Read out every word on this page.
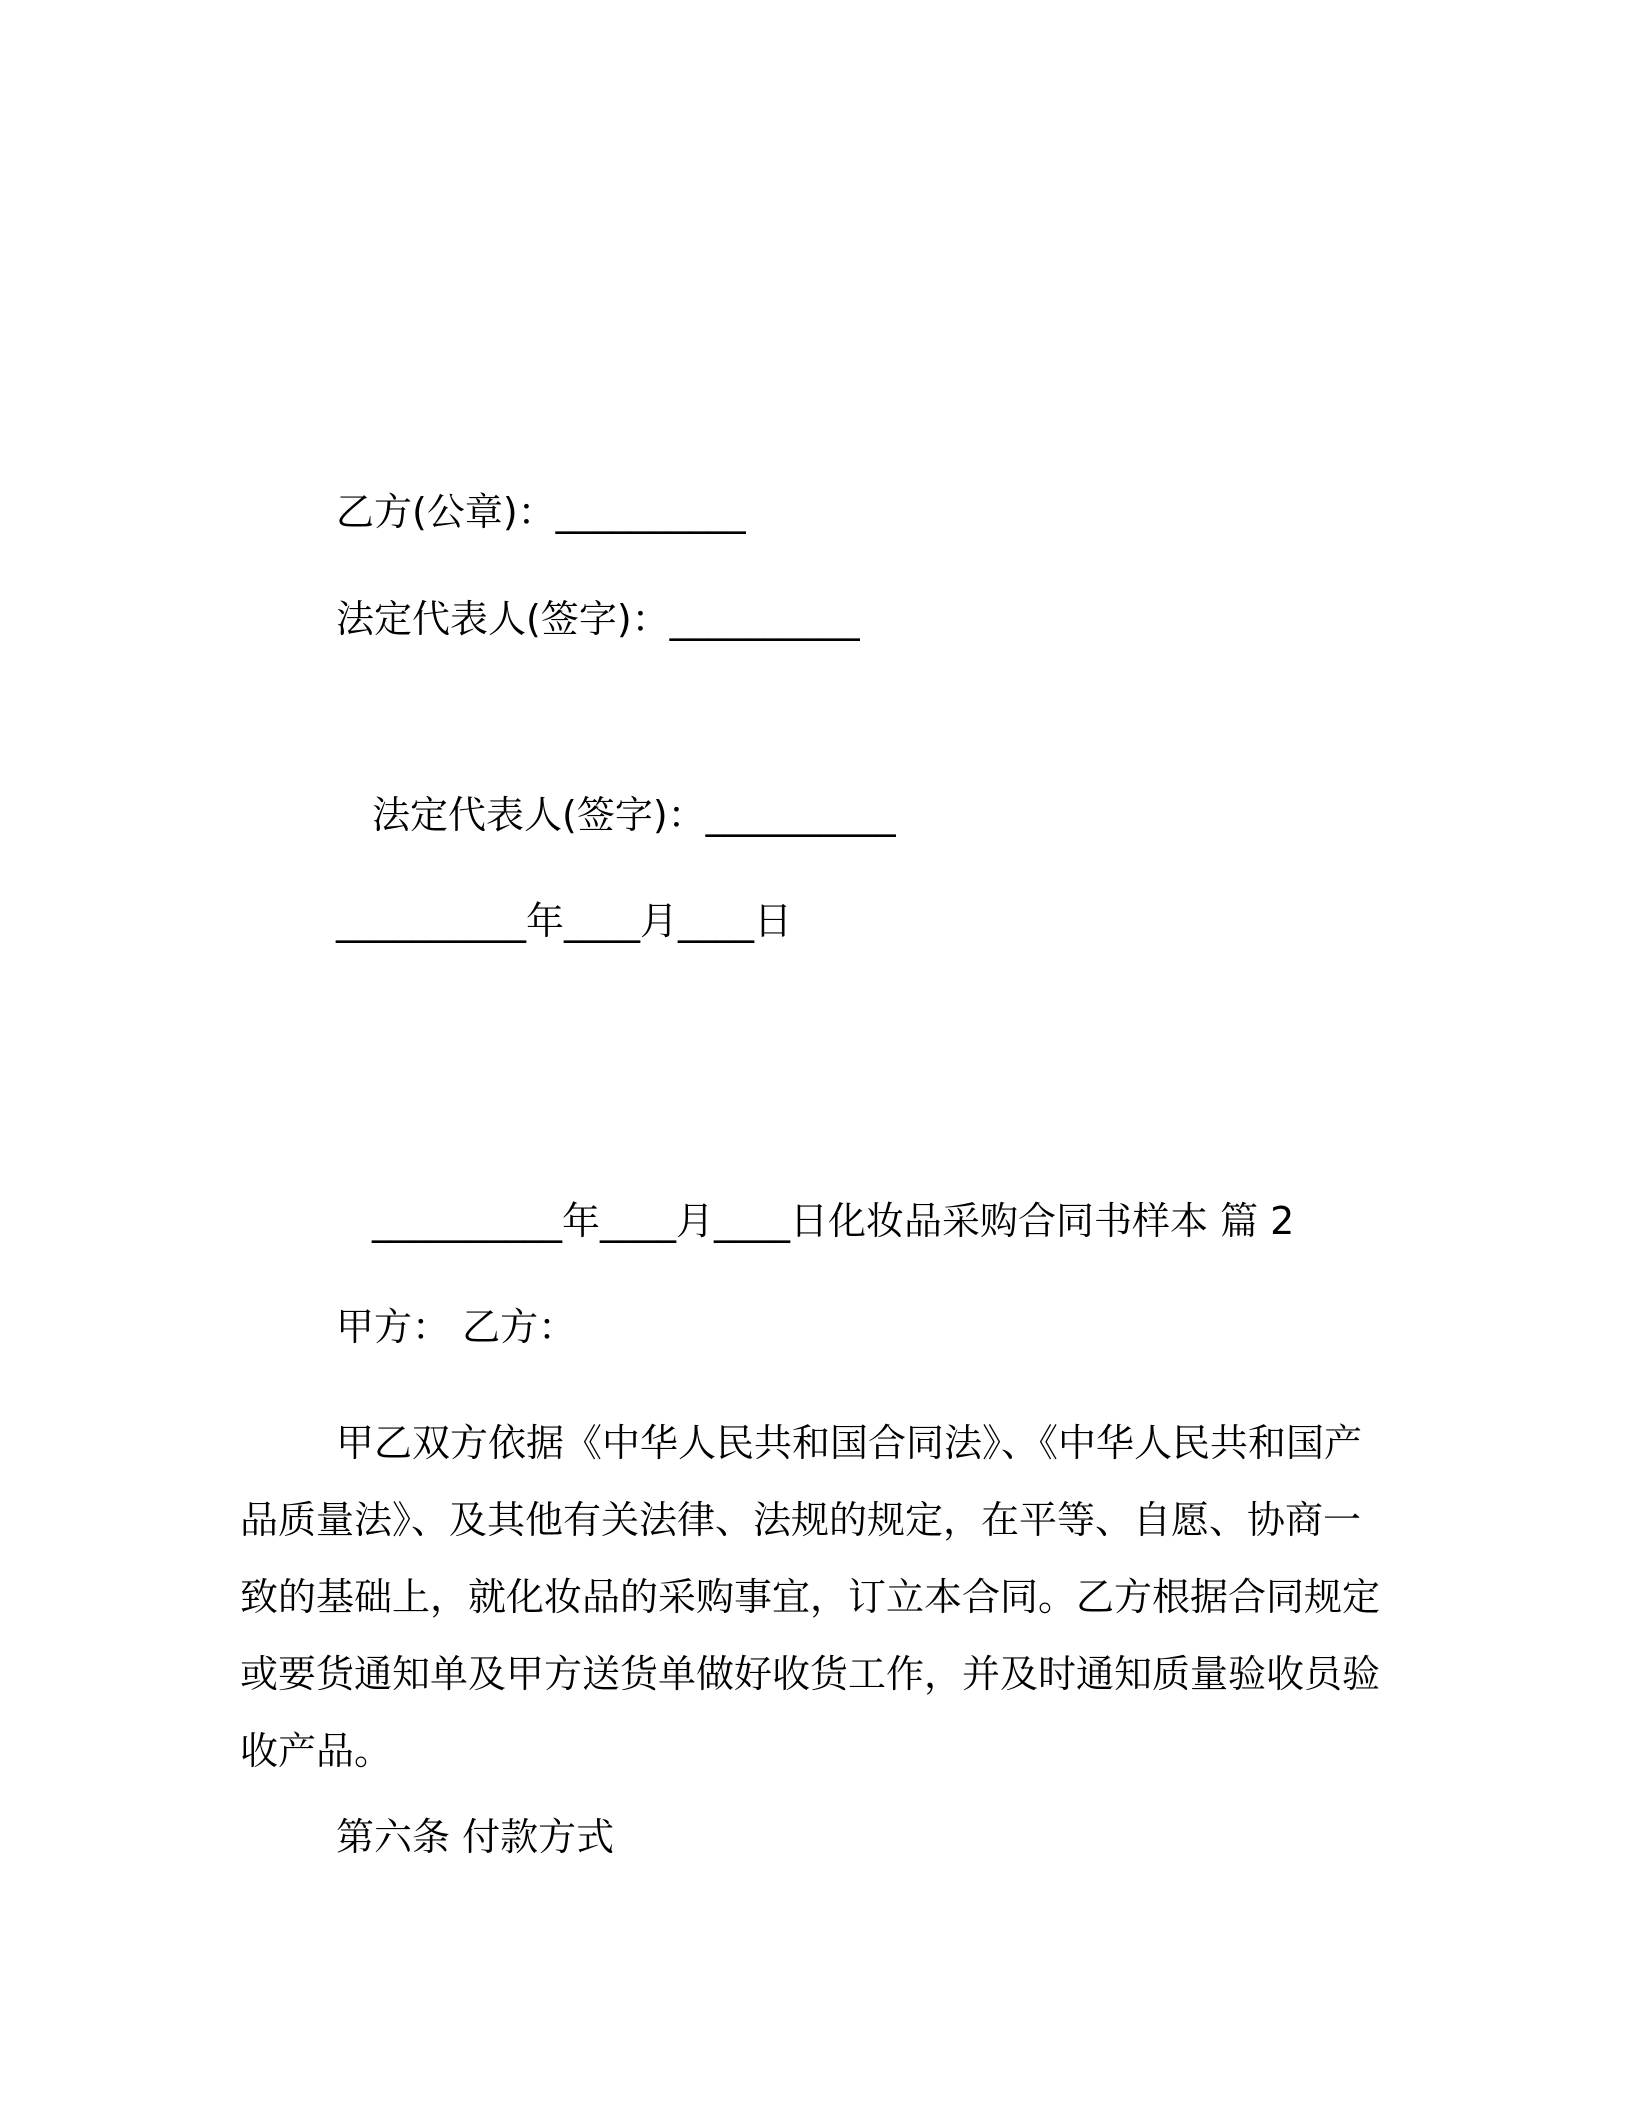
乙方(公章)：__________

法定代表人(签字)：__________

法定代表人(签字)：__________

__________年____月____日

__________年____月____日化妆品采购合同书样本 篇 2

甲方： 乙方：

甲乙双方依据《中华人民共和国合同法》、《中华人民共和国产品质量法》、及其他有关法律、法规的规定，在平等、自愿、协商一致的基础上，就化妆品的采购事宜，订立本合同。乙方根据合同规定或要货通知单及甲方送货单做好收货工作，并及时通知质量验收员验收产品。

第六条 付款方式
